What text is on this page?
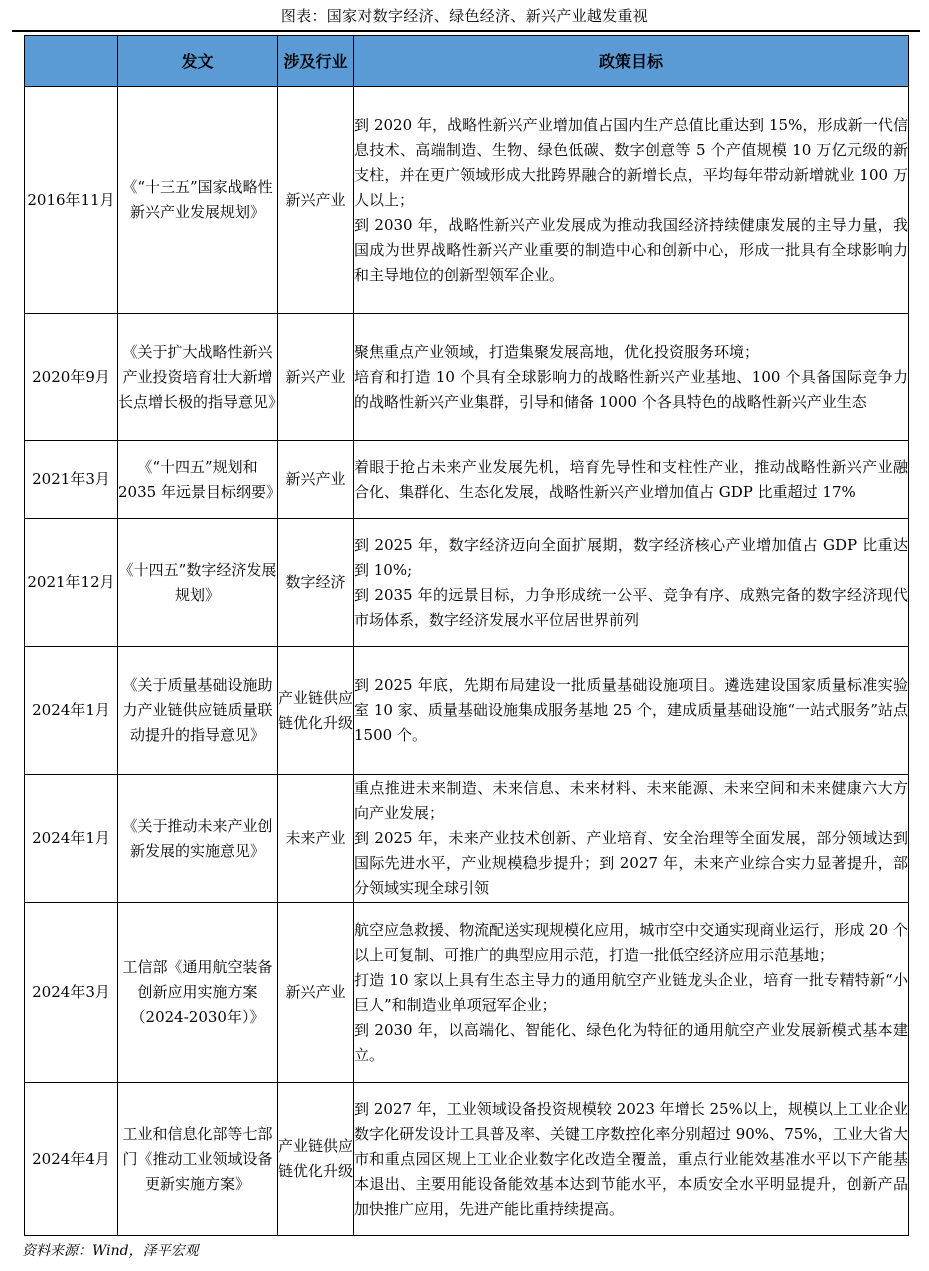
图表：国家对数字经济、绿色经济、新兴产业越发重视
	发文	涉及行业	政策目标
2016年11月	《“十三五”国家战略性新兴产业发展规划》	新兴产业	到 2020 年，战略性新兴产业增加值占国内生产总值比重达到 15%，形成新一代信息技术、高端制造、生物、绿色低碳、数字创意等 5 个产值规模 10 万亿元级的新支柱，并在更广领域形成大批跨界融合的新增长点，平均每年带动新增就业 100 万人以上；

到 2030 年，战略性新兴产业发展成为推动我国经济持续健康发展的主导力量，我国成为世界战略性新兴产业重要的制造中心和创新中心，形成一批具有全球影响力和主导地位的创新型领军企业。

2020年9月	《关于扩大战略性新兴产业投资培育壮大新增长点增长极的指导意见》	新兴产业	聚焦重点产业领域，打造集聚发展高地，优化投资服务环境；

培育和打造 10 个具有全球影响力的战略性新兴产业基地、100 个具备国际竞争力的战略性新兴产业集群，引导和储备 1000 个各具特色的战略性新兴产业生态

2021年3月	《“十四五”规划和 2035 年远景目标纲要》	新兴产业	着眼于抢占未来产业发展先机，培育先导性和支柱性产业，推动战略性新兴产业融合化、集群化、生态化发展，战略性新兴产业增加值占 GDP 比重超过 17%

2021年12月	《十四五”数字经济发展规划》	数字经济	到 2025 年，数字经济迈向全面扩展期，数字经济核心产业增加值占 GDP 比重达到 10%;

到 2035 年的远景目标，力争形成统一公平、竞争有序、成熟完备的数字经济现代市场体系，数字经济发展水平位居世界前列

2024年1月	《关于质量基础设施助力产业链供应链质量联动提升的指导意见》	产业链供应链优化升级	到 2025 年底，先期布局建设一批质量基础设施项目。遴选建设国家质量标准实验室 10 家、质量基础设施集成服务基地 25 个，建成质量基础设施“一站式服务”站点 1500 个。

2024年1月	《关于推动未来产业创新发展的实施意见》	未来产业	重点推进未来制造、未来信息、未来材料、未来能源、未来空间和未来健康六大方向产业发展；

到 2025 年，未来产业技术创新、产业培育、安全治理等全面发展，部分领域达到国际先进水平，产业规模稳步提升；到 2027 年，未来产业综合实力显著提升，部分领域实现全球引领

2024年3月	工信部《通用航空装备创新应用实施方案（2024-2030年）》	新兴产业	航空应急救援、物流配送实现规模化应用，城市空中交通实现商业运行，形成 20 个以上可复制、可推广的典型应用示范，打造一批低空经济应用示范基地；

打造 10 家以上具有生态主导力的通用航空产业链龙头企业，培育一批专精特新“小巨人”和制造业单项冠军企业；

到 2030 年，以高端化、智能化、绿色化为特征的通用航空产业发展新模式基本建立。

2024年4月	工业和信息化部等七部门《推动工业领域设备更新实施方案》	产业链供应链优化升级	到 2027 年，工业领域设备投资规模较 2023 年增长 25%以上，规模以上工业企业数字化研发设计工具普及率、关键工序数控化率分别超过 90%、75%，工业大省大市和重点园区规上工业企业数字化改造全覆盖，重点行业能效基准水平以下产能基本退出、主要用能设备能效基本达到节能水平，本质安全水平明显提升，创新产品加快推广应用，先进产能比重持续提高。

资料来源：Wind，泽平宏观
